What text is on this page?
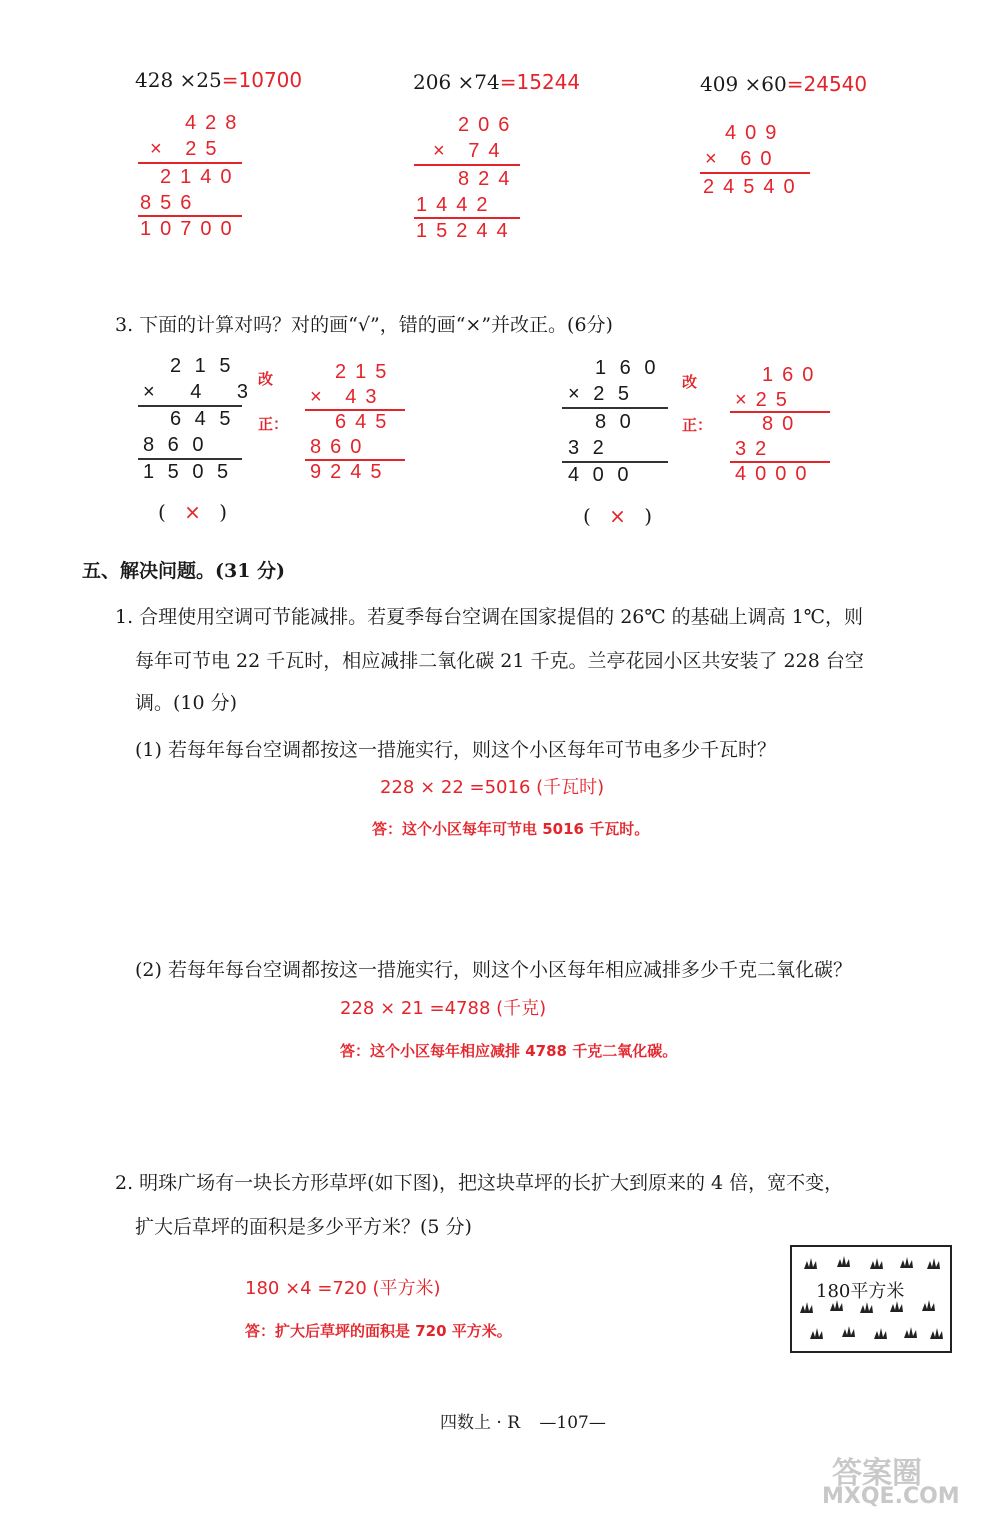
428 ×25=10700	206 ×74=15244	409 ×60=24540
428
× 25
2140
856
10700
206
× 74
824
1442
15244
409
× 60
24540
3. 下面的计算对吗？对的画“√”，错的画“×”并改正。(6分)
2 1 5
× 4 3
6 4 5
8 6 0
1 5 0 5
( × )
改
正：
215
× 43
645
860
9245
1 6 0
× 2 5
8 0
3 2
4 0 0
( × )
改
正：
160
×25
80
32
4000
五、解决问题。(31 分)
1. 合理使用空调可节能减排。若夏季每台空调在国家提倡的 26℃ 的基础上调高 1℃，则
每年可节电 22 千瓦时，相应减排二氧化碳 21 千克。兰亭花园小区共安装了 228 台空
调。(10 分)
(1) 若每年每台空调都按这一措施实行，则这个小区每年可节电多少千瓦时？
228 × 22 =5016 (千瓦时)
答：这个小区每年可节电 5016 千瓦时。
(2) 若每年每台空调都按这一措施实行，则这个小区每年相应减排多少千克二氧化碳？
228 × 21 =4788 (千克)
答：这个小区每年相应减排 4788 千克二氧化碳。
2. 明珠广场有一块长方形草坪(如下图)，把这块草坪的长扩大到原来的 4 倍，宽不变，
扩大后草坪的面积是多少平方米？(5 分)
180 ×4 =720 (平方米)
答：扩大后草坪的面积是 720 平方米。
180平方米
四数上 · R —107—
答案圈
MXQE.COM
